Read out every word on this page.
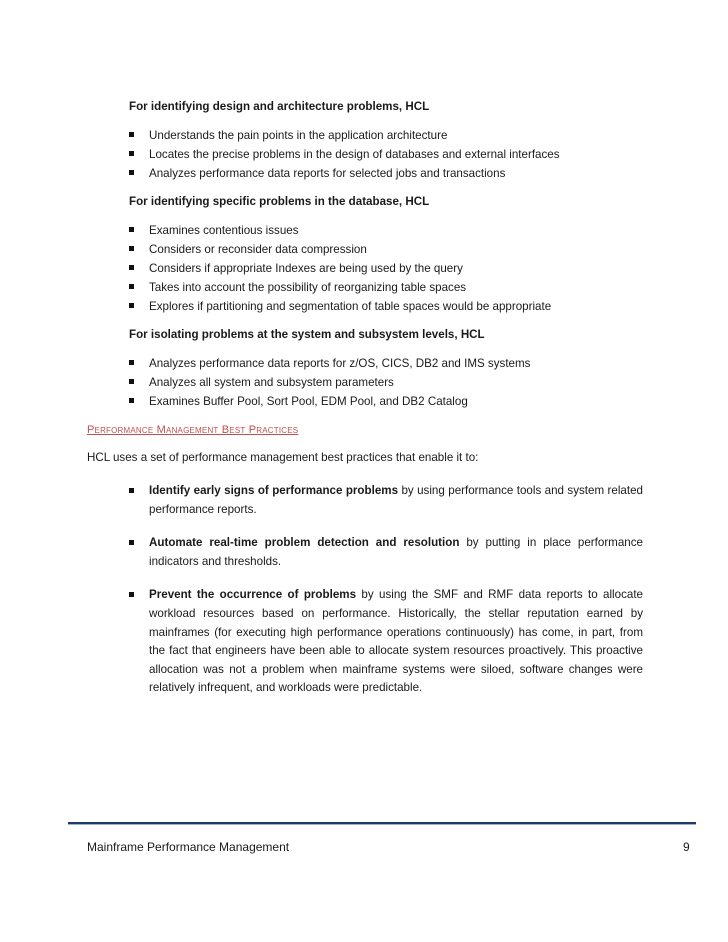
For identifying design and architecture problems, HCL

Understands the pain points in the application architecture
Locates the precise problems in the design of databases and external interfaces
Analyzes performance data reports for selected jobs and transactions

For identifying specific problems in the database, HCL

Examines contentious issues
Considers or reconsider data compression
Considers if appropriate Indexes are being used by the query
Takes into account the possibility of reorganizing table spaces
Explores if partitioning and segmentation of table spaces would be appropriate

For isolating problems at the system and subsystem levels, HCL

Analyzes performance data reports for z/OS, CICS, DB2 and IMS systems
Analyzes all system and subsystem parameters
Examines Buffer Pool, Sort Pool, EDM Pool, and DB2 Catalog
Performance Management Best Practices
HCL uses a set of performance management best practices that enable it to:
Identify early signs of performance problems by using performance tools and system related performance reports.
Automate real-time problem detection and resolution by putting in place performance indicators and thresholds.
Prevent the occurrence of problems by using the SMF and RMF data reports to allocate workload resources based on performance. Historically, the stellar reputation earned by mainframes (for executing high performance operations continuously) has come, in part, from the fact that engineers have been able to allocate system resources proactively. This proactive allocation was not a problem when mainframe systems were siloed, software changes were relatively infrequent, and workloads were predictable.
Mainframe Performance Management	9
